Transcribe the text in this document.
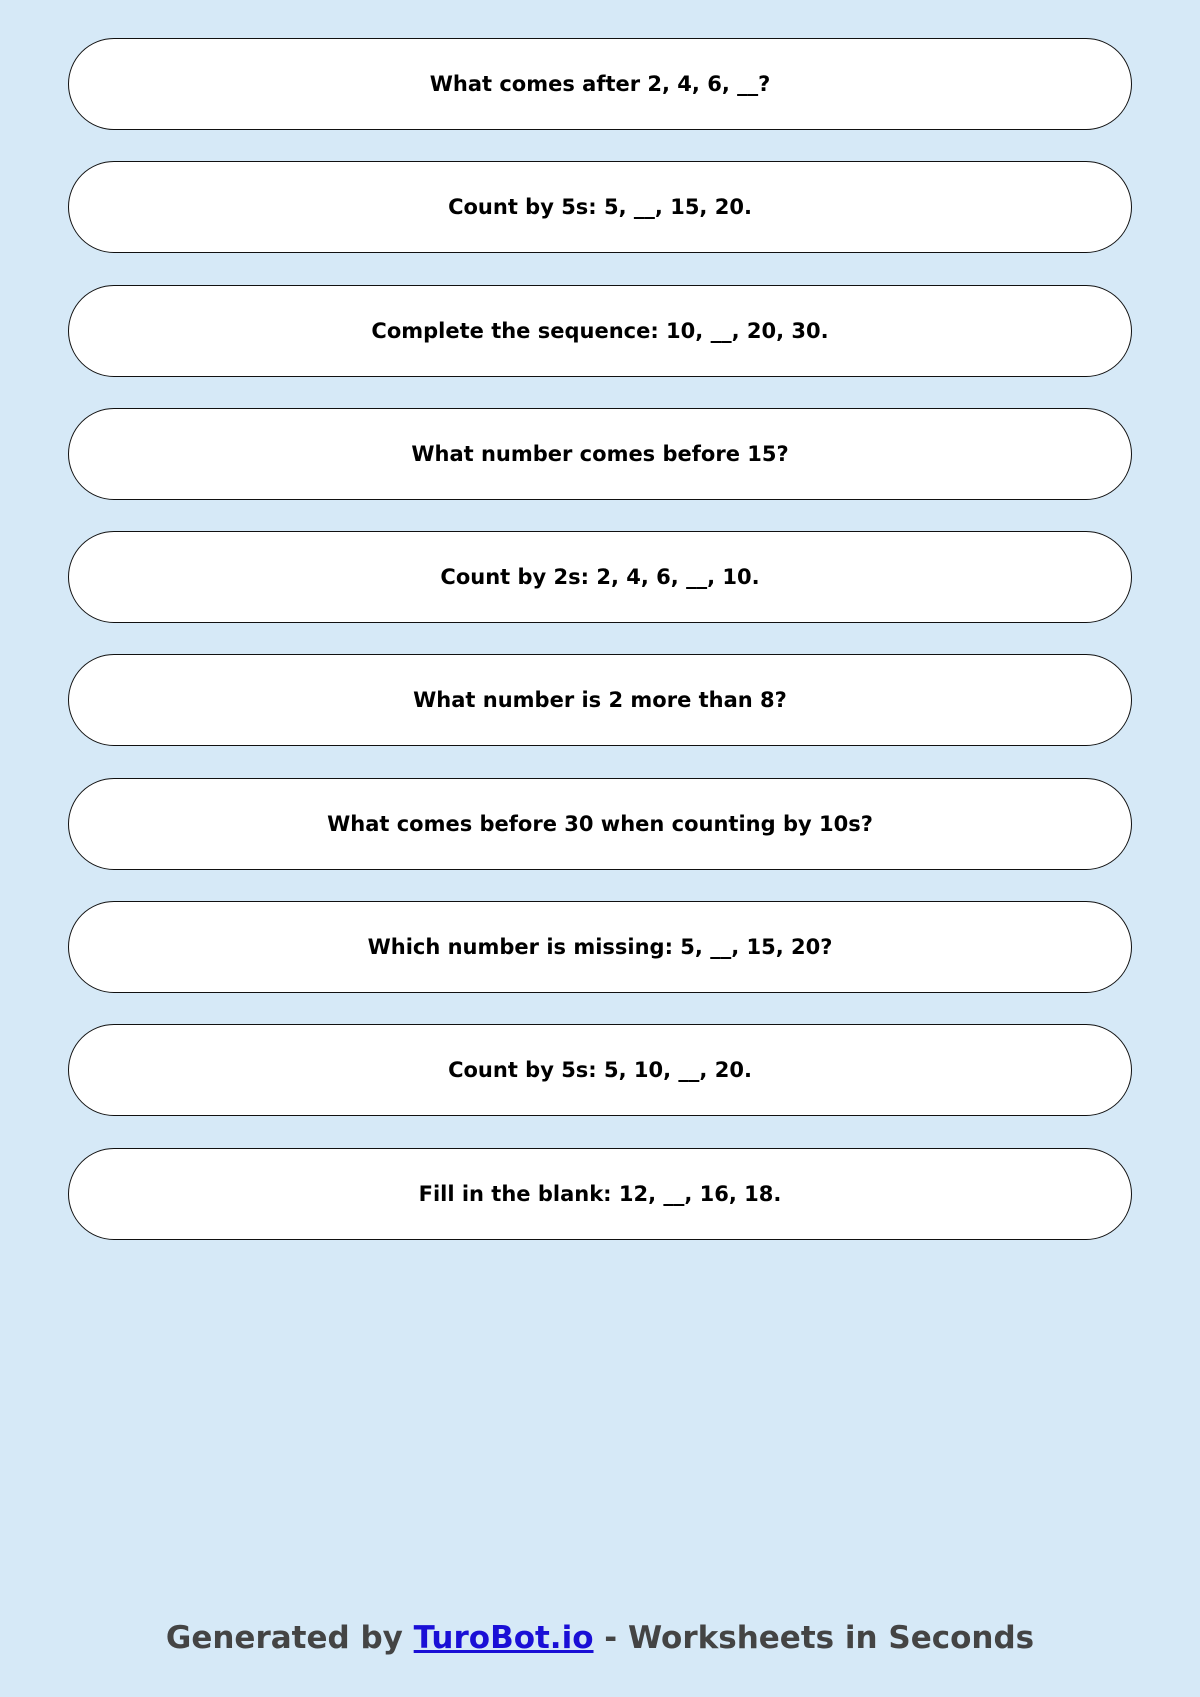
What comes after 2, 4, 6, __?
Count by 5s: 5, __, 15, 20.
Complete the sequence: 10, __, 20, 30.
What number comes before 15?
Count by 2s: 2, 4, 6, __, 10.
What number is 2 more than 8?
What comes before 30 when counting by 10s?
Which number is missing: 5, __, 15, 20?
Count by 5s: 5, 10, __, 20.
Fill in the blank: 12, __, 16, 18.
Generated by TuroBot.io - Worksheets in Seconds
